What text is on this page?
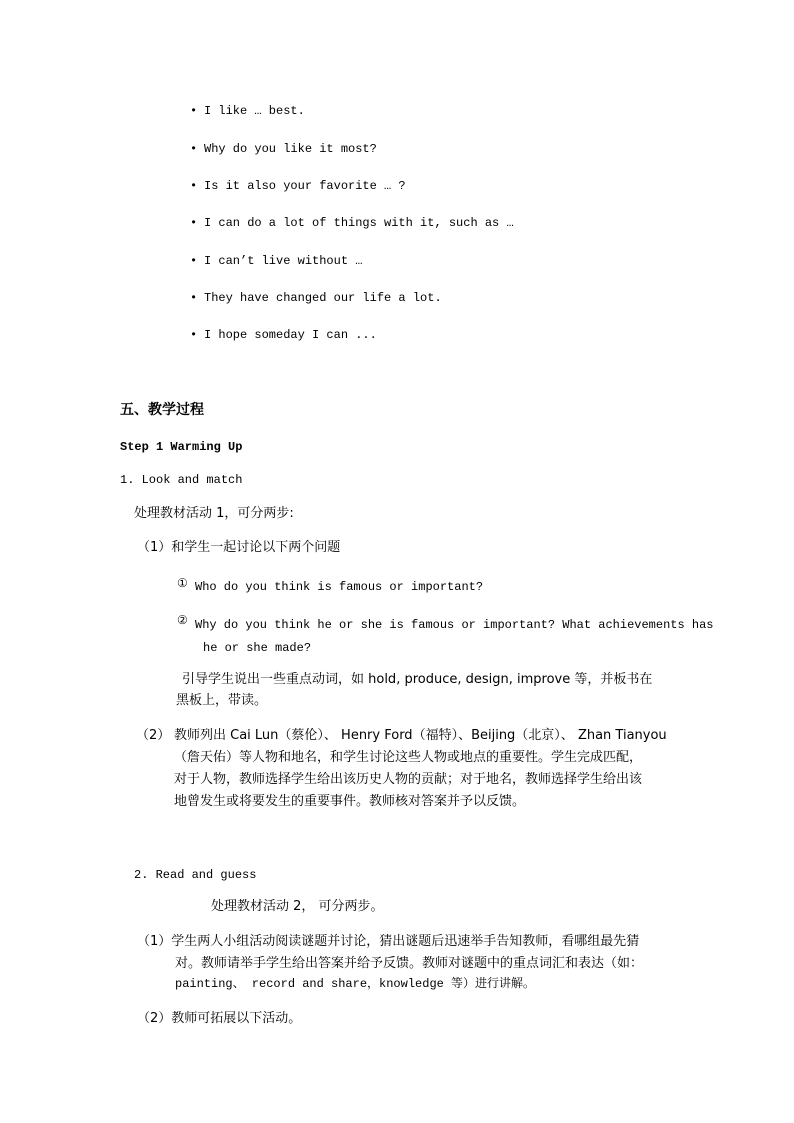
• I like … best.
• Why do you like it most?
• Is it also your favorite … ?
• I can do a lot of things with it, such as …
• I can’t live without …
• They have changed our life a lot.
• I hope someday I can ...
五、教学过程
Step 1 Warming Up
1. Look and match
处理教材活动 1，可分两步:
（1）和学生一起讨论以下两个问题
① Who do you think is famous or important?
② Why do you think he or she is famous or important? What achievements has
he or she made?
引导学生说出一些重点动词，如 hold, produce, design, improve 等，并板书在
黑板上，带读。
（2） 教师列出 Cai Lun（蔡伦）、 Henry Ford（福特）、Beijing（北京）、 Zhan Tianyou
（詹天佑）等人物和地名，和学生讨论这些人物或地点的重要性。学生完成匹配，
对于人物，教师选择学生给出该历史人物的贡献；对于地名，教师选择学生给出该
地曾发生或将要发生的重要事件。教师核对答案并予以反馈。
2. Read and guess
处理教材活动 2， 可分两步。
（1）学生两人小组活动阅读谜题并讨论，猜出谜题后迅速举手告知教师，看哪组最先猜
对。教师请举手学生给出答案并给予反馈。教师对谜题中的重点词汇和表达（如：
painting、 record and share，knowledge 等）进行讲解。
（2）教师可拓展以下活动。
